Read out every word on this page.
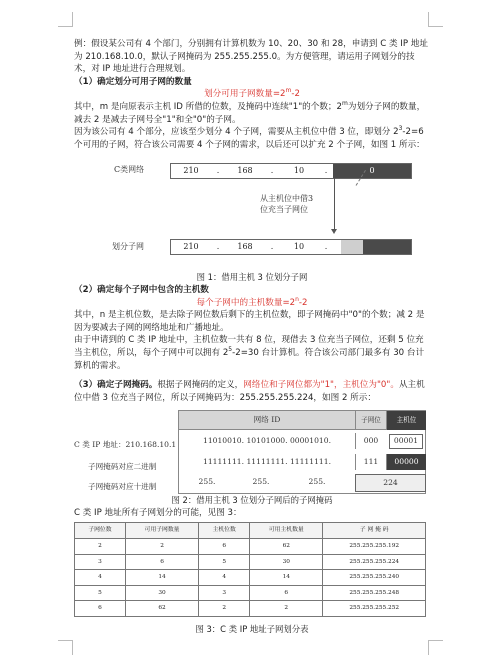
例：假设某公司有 4 个部门，分别拥有计算机数为 10、20、30 和 28，申请到 C 类 IP 地址为 210.168.10.0，默认子网掩码为 255.255.255.0。为方便管理，请运用子网划分的技术，对 IP 地址进行合理规划。

（1）确定划分可用子网的数量

划分可用子网数量$=2^m-2$

其中，m 是向原表示主机 ID 所借的位数，及掩码中连续"1"的个数；2$^m$为划分子网的数量，减去 2 是减去子网号全"1"和全"0"的子网。

因为该公司有 4 个部分，应该至少划分 4 个子网，需要从主机位中借 3 位，即划分 $2^3-2=6$ 个可用的子网，符合该公司需要 4 个子网的需求，以后还可以扩充 2 个子网，如图 1 所示：

C类网络	210	.	168	.	10	.	0
从主机位中借3
位充当子网位
划分子网	210	.	168	.	10	.

图 1：借用主机 3 位划分子网

（2）确定每个子网中包含的主机数

每个子网中的主机数量$=2^n-2$

其中，n 是主机位数，是去除子网位数后剩下的主机位数，即子网掩码中"0"的个数；减 2 是因为要减去子网的网络地址和广播地址。

由于申请到的 C 类 IP 地址中，主机位数一共有 8 位，现借去 3 位充当子网位，还剩 5 位充当主机位，所以，每个子网中可以拥有 $2^5-2=30$ 台计算机。符合该公司部门最多有 30 台计算机的需求。

（3）确定子网掩码。根据子网掩码的定义，网络位和子网位都为"1"，主机位为"0"。从主机位中借 3 位充当子网位，所以子网掩码为：255.255.255.224，如图 2 所示：

C 类 IP 地址：210.168.10.1
子网掩码对应二进制
子网掩码对应十进制
网络 ID	子网位	主机位
11010010. 10101000. 00001010.	000	00001
11111111. 11111111. 11111111.	111	00000
255.	255.	255.	224

图 2：借用主机 3 位划分子网后的子网掩码

C 类 IP 地址所有子网划分的可能，见图 3：

子网位数	可用子网数量	主机位数	可用主机数量	子 网 掩 码
2	2	6	62	255.255.255.192
3	6	5	30	255.255.255.224
4	14	4	14	255.255.255.240
5	30	3	6	255.255.255.248
6	62	2	2	255.255.255.252

图 3：C 类 IP 地址子网划分表
